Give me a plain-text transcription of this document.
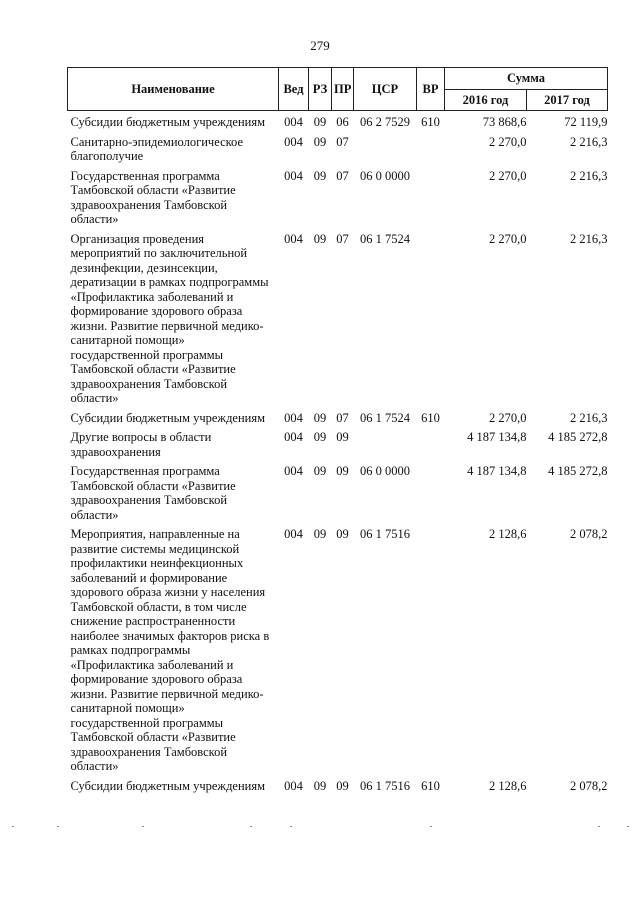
279
Наименование	Вед	РЗ	ПР	ЦСР	ВР	Сумма	
						2016 год	2017 год

Субсидии бюджетным учреждениям	004	09	06	06 2 7529	610	73 868,6	72 119,9
Санитарно-эпидемиологическое благополучие	004	09	07			2 270,0	2 216,3
Государственная программа Тамбовской области «Развитие здравоохранения Тамбовской области»	004	09	07	06 0 0000		2 270,0	2 216,3
Организация проведения мероприятий по заключительной дезинфекции, дезинсекции, дератизации в рамках подпрограммы «Профилактика заболеваний и формирование здорового образа жизни. Развитие первичной медико-санитарной помощи» государственной программы Тамбовской области «Развитие здравоохранения Тамбовской области»	004	09	07	06 1 7524		2 270,0	2 216,3
Субсидии бюджетным учреждениям	004	09	07	06 1 7524	610	2 270,0	2 216,3
Другие вопросы в области здравоохранения	004	09	09			4 187 134,8	4 185 272,8
Государственная программа Тамбовской области «Развитие здравоохранения Тамбовской области»	004	09	09	06 0 0000		4 187 134,8	4 185 272,8
Мероприятия, направленные на развитие системы медицинской профилактики неинфекционных заболеваний и формирование здорового образа жизни у населения Тамбовской области, в том числе снижение распространенности наиболее значимых факторов риска в рамках подпрограммы «Профилактика заболеваний и формирование здорового образа жизни. Развитие первичной медико-санитарной помощи» государственной программы Тамбовской области «Развитие здравоохранения Тамбовской области»	004	09	09	06 1 7516		2 128,6	2 078,2
Субсидии бюджетным учреждениям	004	09	09	06 1 7516	610	2 128,6	2 078,2
